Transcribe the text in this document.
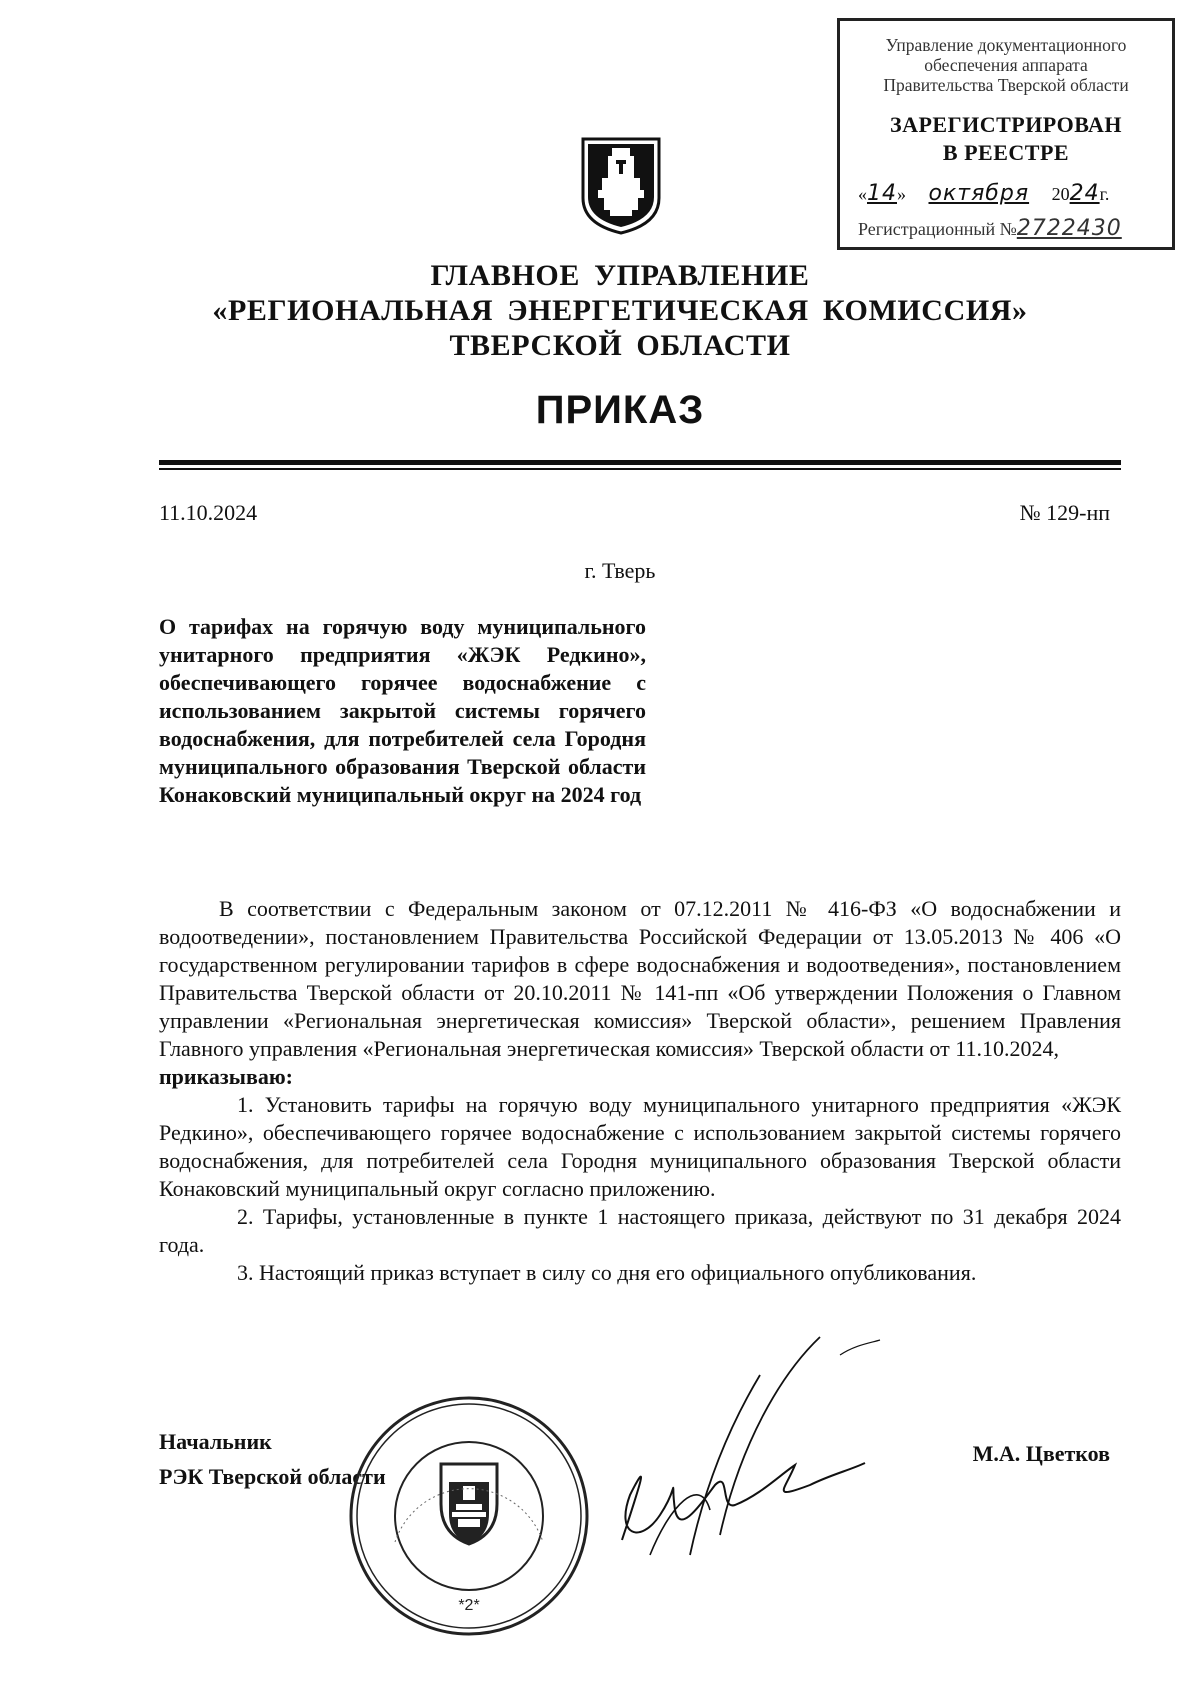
Управление документационного
обеспечения аппарата
Правительства Тверской области
ЗАРЕГИСТРИРОВАН
В РЕЕСТРЕ
«14» октября 2024г.
Регистрационный №2722430
ГЛАВНОЕ УПРАВЛЕНИЕ
«РЕГИОНАЛЬНАЯ ЭНЕРГЕТИЧЕСКАЯ КОМИССИЯ»
ТВЕРСКОЙ ОБЛАСТИ
ПРИКАЗ
11.10.2024	№ 129-нп
г. Тверь
О тарифах на горячую воду муниципального унитарного предприятия «ЖЭК Редкино», обеспечивающего горячее водоснабжение с использованием закрытой системы горячего водоснабжения, для потребителей села Городня муниципального образования Тверской области Конаковский муниципальный округ на 2024 год

В соответствии с Федеральным законом от 07.12.2011 № 416-ФЗ «О водоснабжении и водоотведении», постановлением Правительства Российской Федерации от 13.05.2013 № 406 «О государственном регулировании тарифов в сфере водоснабжения и водоотведения», постановлением Правительства Тверской области от 20.10.2011 № 141-пп «Об утверждении Положения о Главном управлении «Региональная энергетическая комиссия» Тверской области», решением Правления Главного управления «Региональная энергетическая комиссия» Тверской области от 11.10.2024,

приказываю:

1. Установить тарифы на горячую воду муниципального унитарного предприятия «ЖЭК Редкино», обеспечивающего горячее водоснабжение с использованием закрытой системы горячего водоснабжения, для потребителей села Городня муниципального образования Тверской области Конаковский муниципальный округ согласно приложению.

2. Тарифы, установленные в пункте 1 настоящего приказа, действуют по 31 декабря 2024 года.

3. Настоящий приказ вступает в силу со дня его официального опубликования.

Начальник
РЭК Тверской области
М.А. Цветков
*2*
